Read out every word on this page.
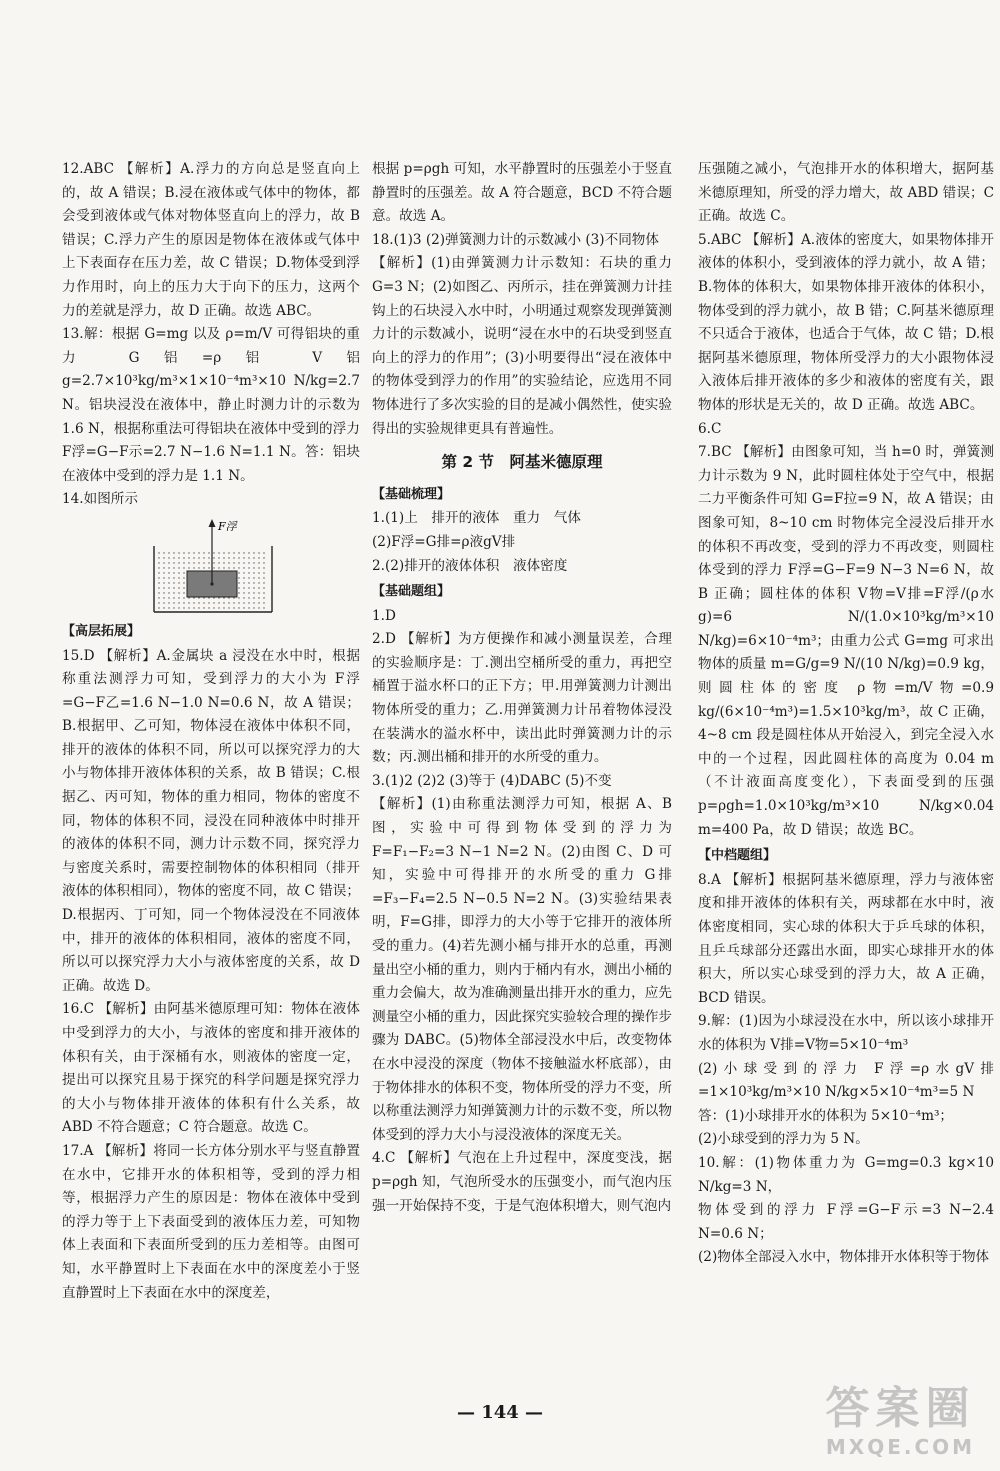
12.ABC 【解析】A.浮力的方向总是竖直向上的，故 A 错误；B.浸在液体或气体中的物体，都会受到液体或气体对物体竖直向上的浮力，故 B 错误；C.浮力产生的原因是物体在液体或气体中上下表面存在压力差，故 C 错误；D.物体受到浮力作用时，向上的压力大于向下的压力，这两个力的差就是浮力，故 D 正确。故选 ABC。

13.解：根据 G=mg 以及 ρ=m/V 可得铝块的重力 G铝=ρ铝 V铝 g=2.7×10³kg/m³×1×10⁻⁴m³×10 N/kg=2.7 N。铝块浸没在液体中，静止时测力计的示数为 1.6 N，根据称重法可得铝块在液体中受到的浮力 F浮=G−F示=2.7 N−1.6 N=1.1 N。答：铝块在液体中受到的浮力是 1.1 N。

14.如图所示

F浮
【高层拓展】

15.D 【解析】A.金属块 a 浸没在水中时，根据称重法测浮力可知，受到浮力的大小为 F浮=G−F乙=1.6 N−1.0 N=0.6 N，故 A 错误；B.根据甲、乙可知，物体浸在液体中体积不同，排开的液体的体积不同，所以可以探究浮力的大小与物体排开液体体积的关系，故 B 错误；C.根据乙、丙可知，物体的重力相同，物体的密度不同，物体的体积不同，浸没在同种液体中时排开的液体的体积不同，测力计示数不同，探究浮力与密度关系时，需要控制物体的体积相同（排开液体的体积相同），物体的密度不同，故 C 错误；D.根据丙、丁可知，同一个物体浸没在不同液体中，排开的液体的体积相同，液体的密度不同，所以可以探究浮力大小与液体密度的关系，故 D 正确。故选 D。

16.C 【解析】由阿基米德原理可知：物体在液体中受到浮力的大小，与液体的密度和排开液体的体积有关，由于深桶有水，则液体的密度一定，提出可以探究且易于探究的科学问题是探究浮力的大小与物体排开液体的体积有什么关系，故 ABD 不符合题意；C 符合题意。故选 C。

17.A 【解析】将同一长方体分别水平与竖直静置在水中，它排开水的体积相等，受到的浮力相等，根据浮力产生的原因是：物体在液体中受到的浮力等于上下表面受到的液体压力差，可知物体上表面和下表面所受到的压力差相等。由图可知，水平静置时上下表面在水中的深度差小于竖直静置时上下表面在水中的深度差，

根据 p=ρgh 可知，水平静置时的压强差小于竖直静置时的压强差。故 A 符合题意，BCD 不符合题意。故选 A。

18.(1)3 (2)弹簧测力计的示数减小 (3)不同物体

【解析】(1)由弹簧测力计示数知：石块的重力 G=3 N；(2)如图乙、丙所示，挂在弹簧测力计挂钩上的石块浸入水中时，小明通过观察发现弹簧测力计的示数减小，说明“浸在水中的石块受到竖直向上的浮力的作用”；(3)小明要得出“浸在液体中的物体受到浮力的作用”的实验结论，应选用不同物体进行了多次实验的目的是减小偶然性，使实验得出的实验规律更具有普遍性。

第 2 节　阿基米德原理
【基础梳理】

1.(1)上　排开的液体　重力　气体

(2)F浮=G排=ρ液gV排

2.(2)排开的液体体积　液体密度

【基础题组】

1.D

2.D 【解析】为方便操作和减小测量误差，合理的实验顺序是：丁.测出空桶所受的重力，再把空桶置于溢水杯口的正下方；甲.用弹簧测力计测出物体所受的重力；乙.用弹簧测力计吊着物体浸没在装满水的溢水杯中，读出此时弹簧测力计的示数；丙.测出桶和排开的水所受的重力。

3.(1)2 (2)2 (3)等于 (4)DABC (5)不变

【解析】(1)由称重法测浮力可知，根据 A、B 图，实验中可得到物体受到的浮力为 F=F₁−F₂=3 N−1 N=2 N。(2)由图 C、D 可知，实验中可得排开的水所受的重力 G排=F₃−F₄=2.5 N−0.5 N=2 N。(3)实验结果表明，F=G排，即浮力的大小等于它排开的液体所受的重力。(4)若先测小桶与排开水的总重，再测量出空小桶的重力，则内于桶内有水，测出小桶的重力会偏大，故为准确测量出排开水的重力，应先测量空小桶的重力，因此探究实验较合理的操作步骤为 DABC。(5)物体全部浸没水中后，改变物体在水中浸没的深度（物体不接触溢水杯底部），由于物体排水的体积不变，物体所受的浮力不变，所以称重法测浮力知弹簧测力计的示数不变，所以物体受到的浮力大小与浸没液体的深度无关。

4.C 【解析】气泡在上升过程中，深度变浅，据 p=ρgh 知，气泡所受水的压强变小，而气泡内压强一开始保持不变，于是气泡体积增大，则气泡内

压强随之减小，气泡排开水的体积增大，据阿基米德原理知，所受的浮力增大，故 ABD 错误；C 正确。故选 C。

5.ABC 【解析】A.液体的密度大，如果物体排开液体的体积小，受到液体的浮力就小，故 A 错；B.物体的体积大，如果物体排开液体的体积小，物体受到的浮力就小，故 B 错；C.阿基米德原理不只适合于液体，也适合于气体，故 C 错；D.根据阿基米德原理，物体所受浮力的大小跟物体浸入液体后排开液体的多少和液体的密度有关，跟物体的形状是无关的，故 D 正确。故选 ABC。

6.C

7.BC 【解析】由图象可知，当 h=0 时，弹簧测力计示数为 9 N，此时圆柱体处于空气中，根据二力平衡条件可知 G=F拉=9 N，故 A 错误；由图象可知，8~10 cm 时物体完全浸没后排开水的体积不再改变，受到的浮力不再改变，则圆柱体受到的浮力 F浮=G−F=9 N−3 N=6 N，故 B 正确；圆柱体的体积 V物=V排=F浮/(ρ水g)=6 N/(1.0×10³kg/m³×10 N/kg)=6×10⁻⁴m³；由重力公式 G=mg 可求出物体的质量 m=G/g=9 N/(10 N/kg)=0.9 kg，则圆柱体的密度 ρ物=m/V物=0.9 kg/(6×10⁻⁴m³)=1.5×10³kg/m³，故 C 正确，4~8 cm 段是圆柱体从开始浸入，到完全浸入水中的一个过程，因此圆柱体的高度为 0.04 m（不计液面高度变化），下表面受到的压强 p=ρgh=1.0×10³kg/m³×10 N/kg×0.04 m=400 Pa，故 D 错误；故选 BC。

【中档题组】

8.A 【解析】根据阿基米德原理，浮力与液体密度和排开液体的体积有关，两球都在水中时，液体密度相同，实心球的体积大于乒乓球的体积，且乒乓球部分还露出水面，即实心球排开水的体积大，所以实心球受到的浮力大，故 A 正确，BCD 错误。

9.解：(1)因为小球浸没在水中，所以该小球排开水的体积为 V排=V物=5×10⁻⁴m³

(2)小球受到的浮力 F浮=ρ水gV排=1×10³kg/m³×10 N/kg×5×10⁻⁴m³=5 N

答：(1)小球排开水的体积为 5×10⁻⁴m³；

(2)小球受到的浮力为 5 N。

10.解：(1)物体重力为 G=mg=0.3 kg×10 N/kg=3 N，

物体受到的浮力 F浮=G−F示=3 N−2.4 N=0.6 N；

(2)物体全部浸入水中，物体排开水体积等于物体

— 144 —	答案圈
MXQE.COM
